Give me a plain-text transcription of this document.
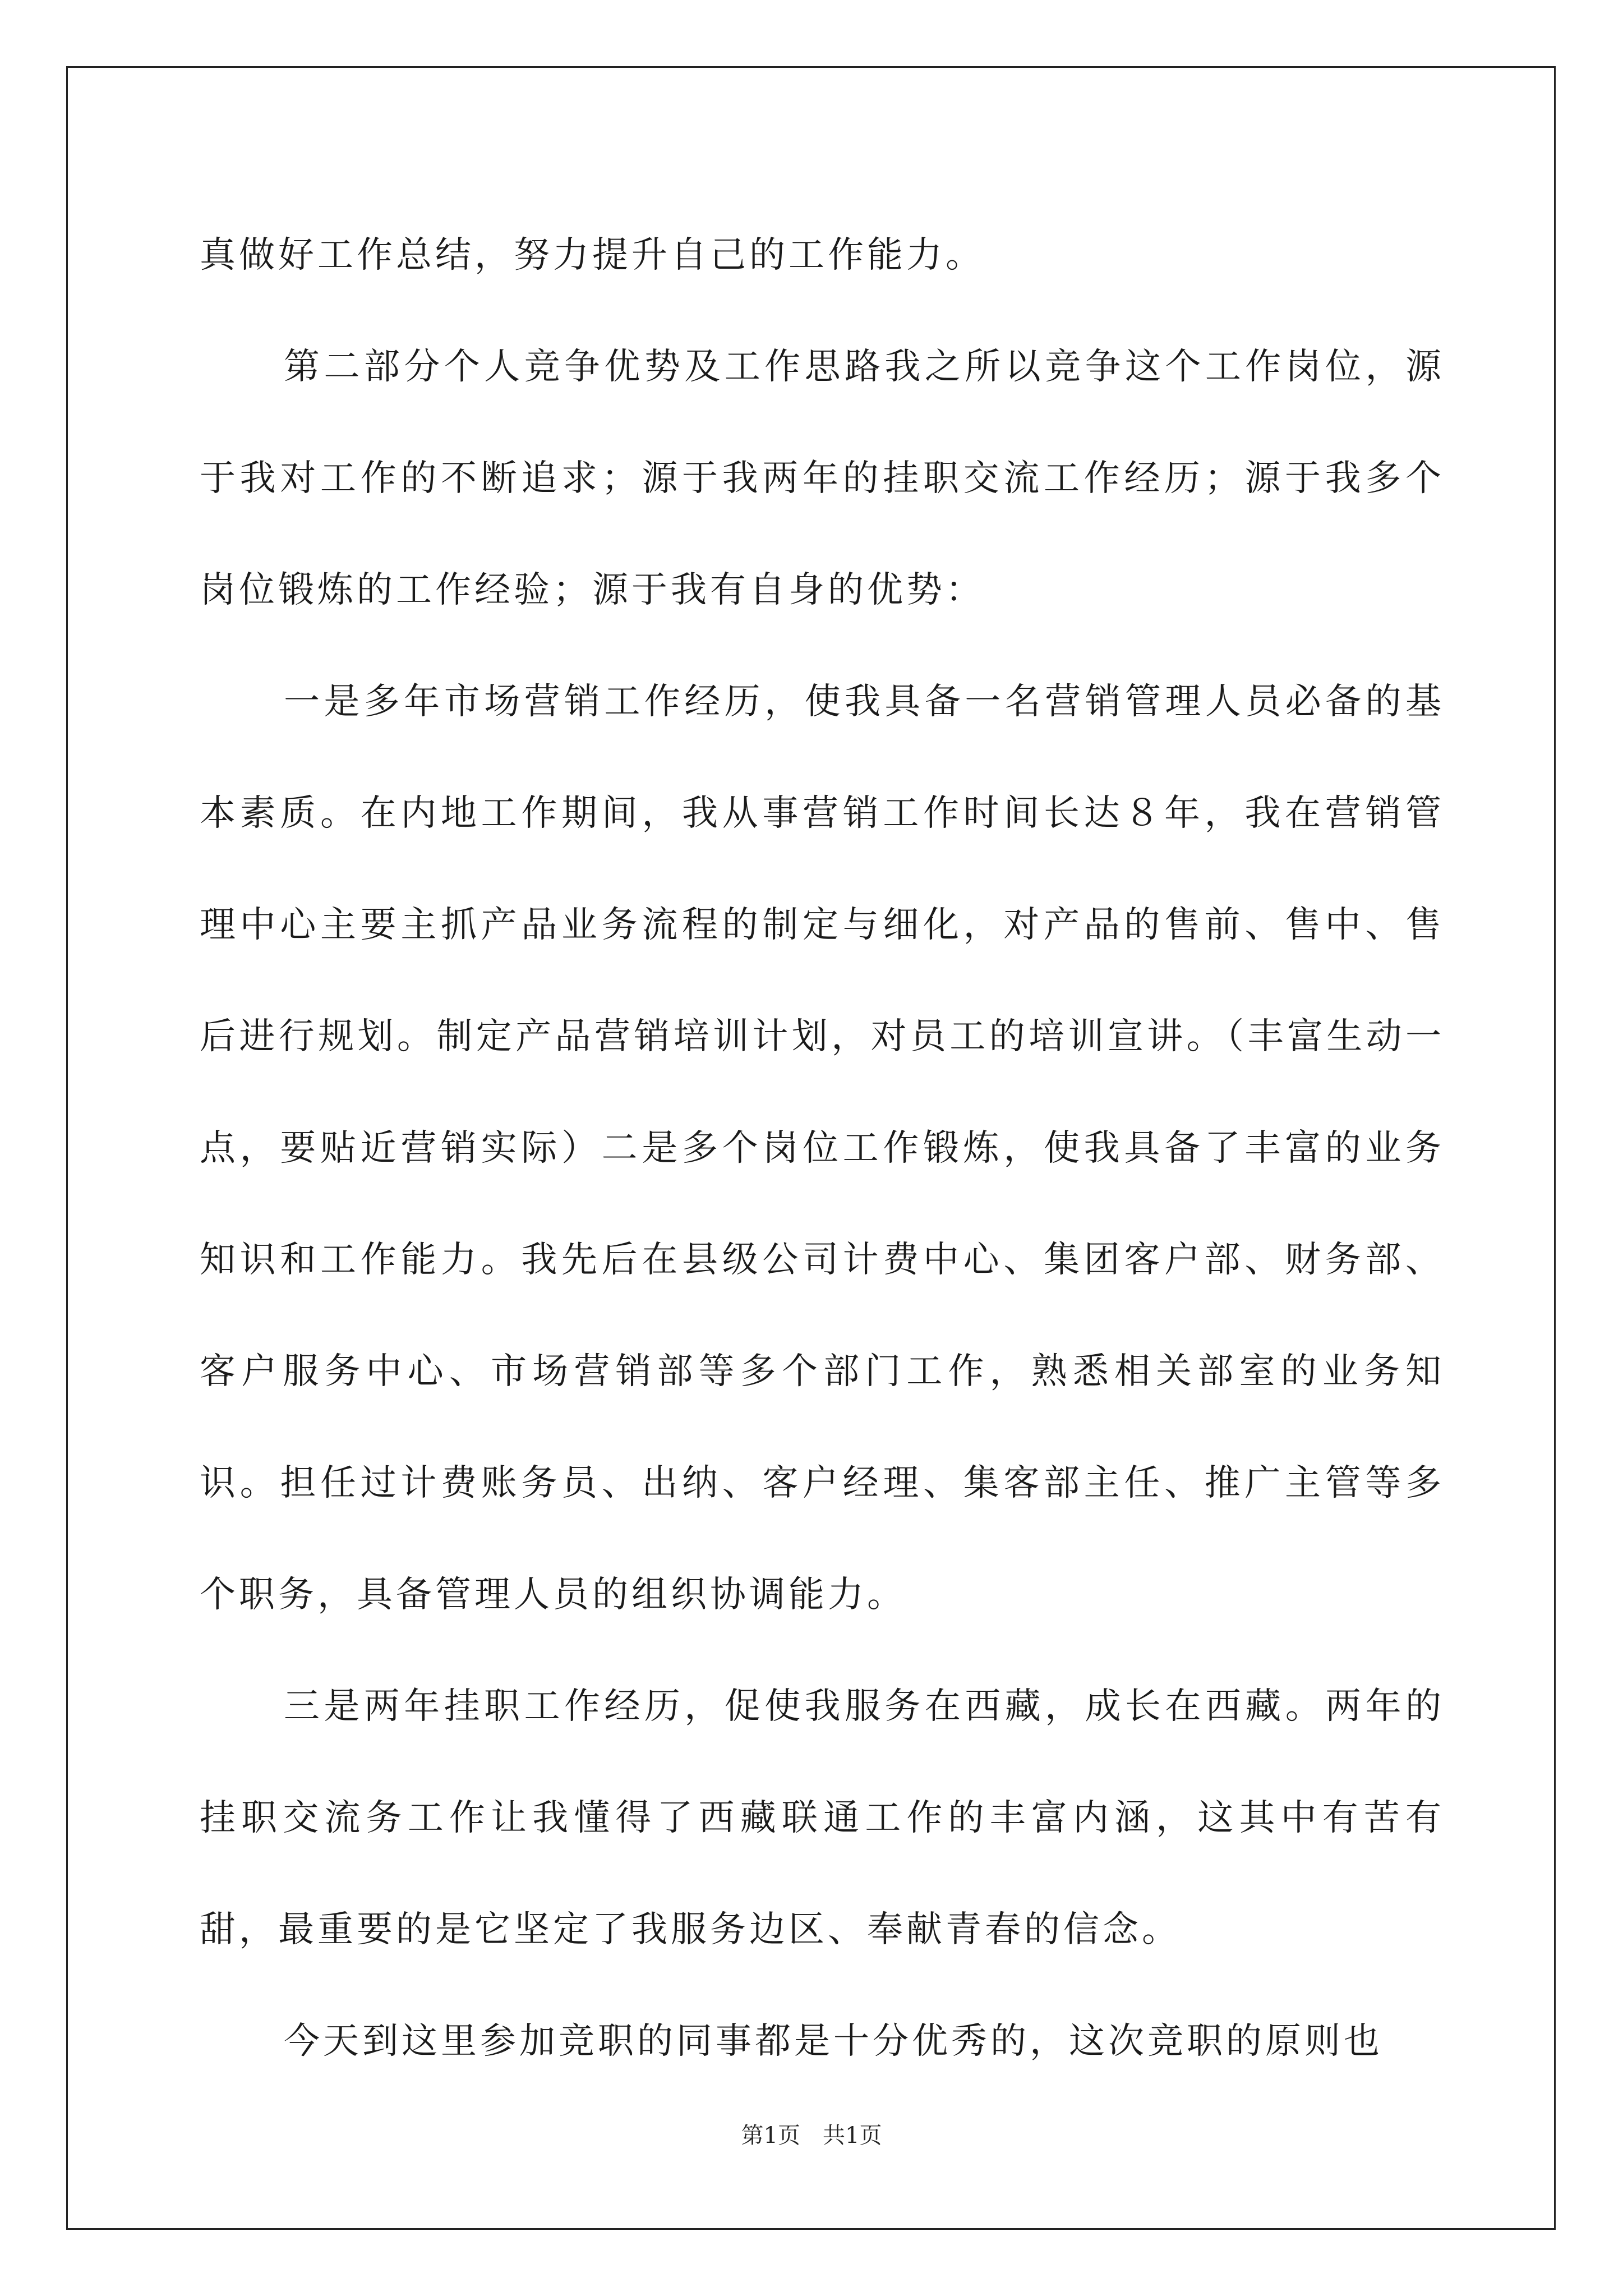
真做好工作总结，努力提升自己的工作能力。

第二部分个人竞争优势及工作思路我之所以竞争这个工作岗位，源于我对工作的不断追求；源于我两年的挂职交流工作经历；源于我多个岗位锻炼的工作经验；源于我有自身的优势：

一是多年市场营销工作经历，使我具备一名营销管理人员必备的基本素质。在内地工作期间，我从事营销工作时间长达８年，我在营销管理中心主要主抓产品业务流程的制定与细化，对产品的售前、售中、售后进行规划。制定产品营销培训计划，对员工的培训宣讲。（丰富生动一点，要贴近营销实际）二是多个岗位工作锻炼，使我具备了丰富的业务知识和工作能力。我先后在县级公司计费中心、集团客户部、财务部、客户服务中心、市场营销部等多个部门工作，熟悉相关部室的业务知识。担任过计费账务员、出纳、客户经理、集客部主任、推广主管等多个职务，具备管理人员的组织协调能力。

三是两年挂职工作经历，促使我服务在西藏，成长在西藏。两年的挂职交流务工作让我懂得了西藏联通工作的丰富内涵，这其中有苦有甜，最重要的是它坚定了我服务边区、奉献青春的信念。

今天到这里参加竞职的同事都是十分优秀的，这次竞职的原则也

第1页　共1页
